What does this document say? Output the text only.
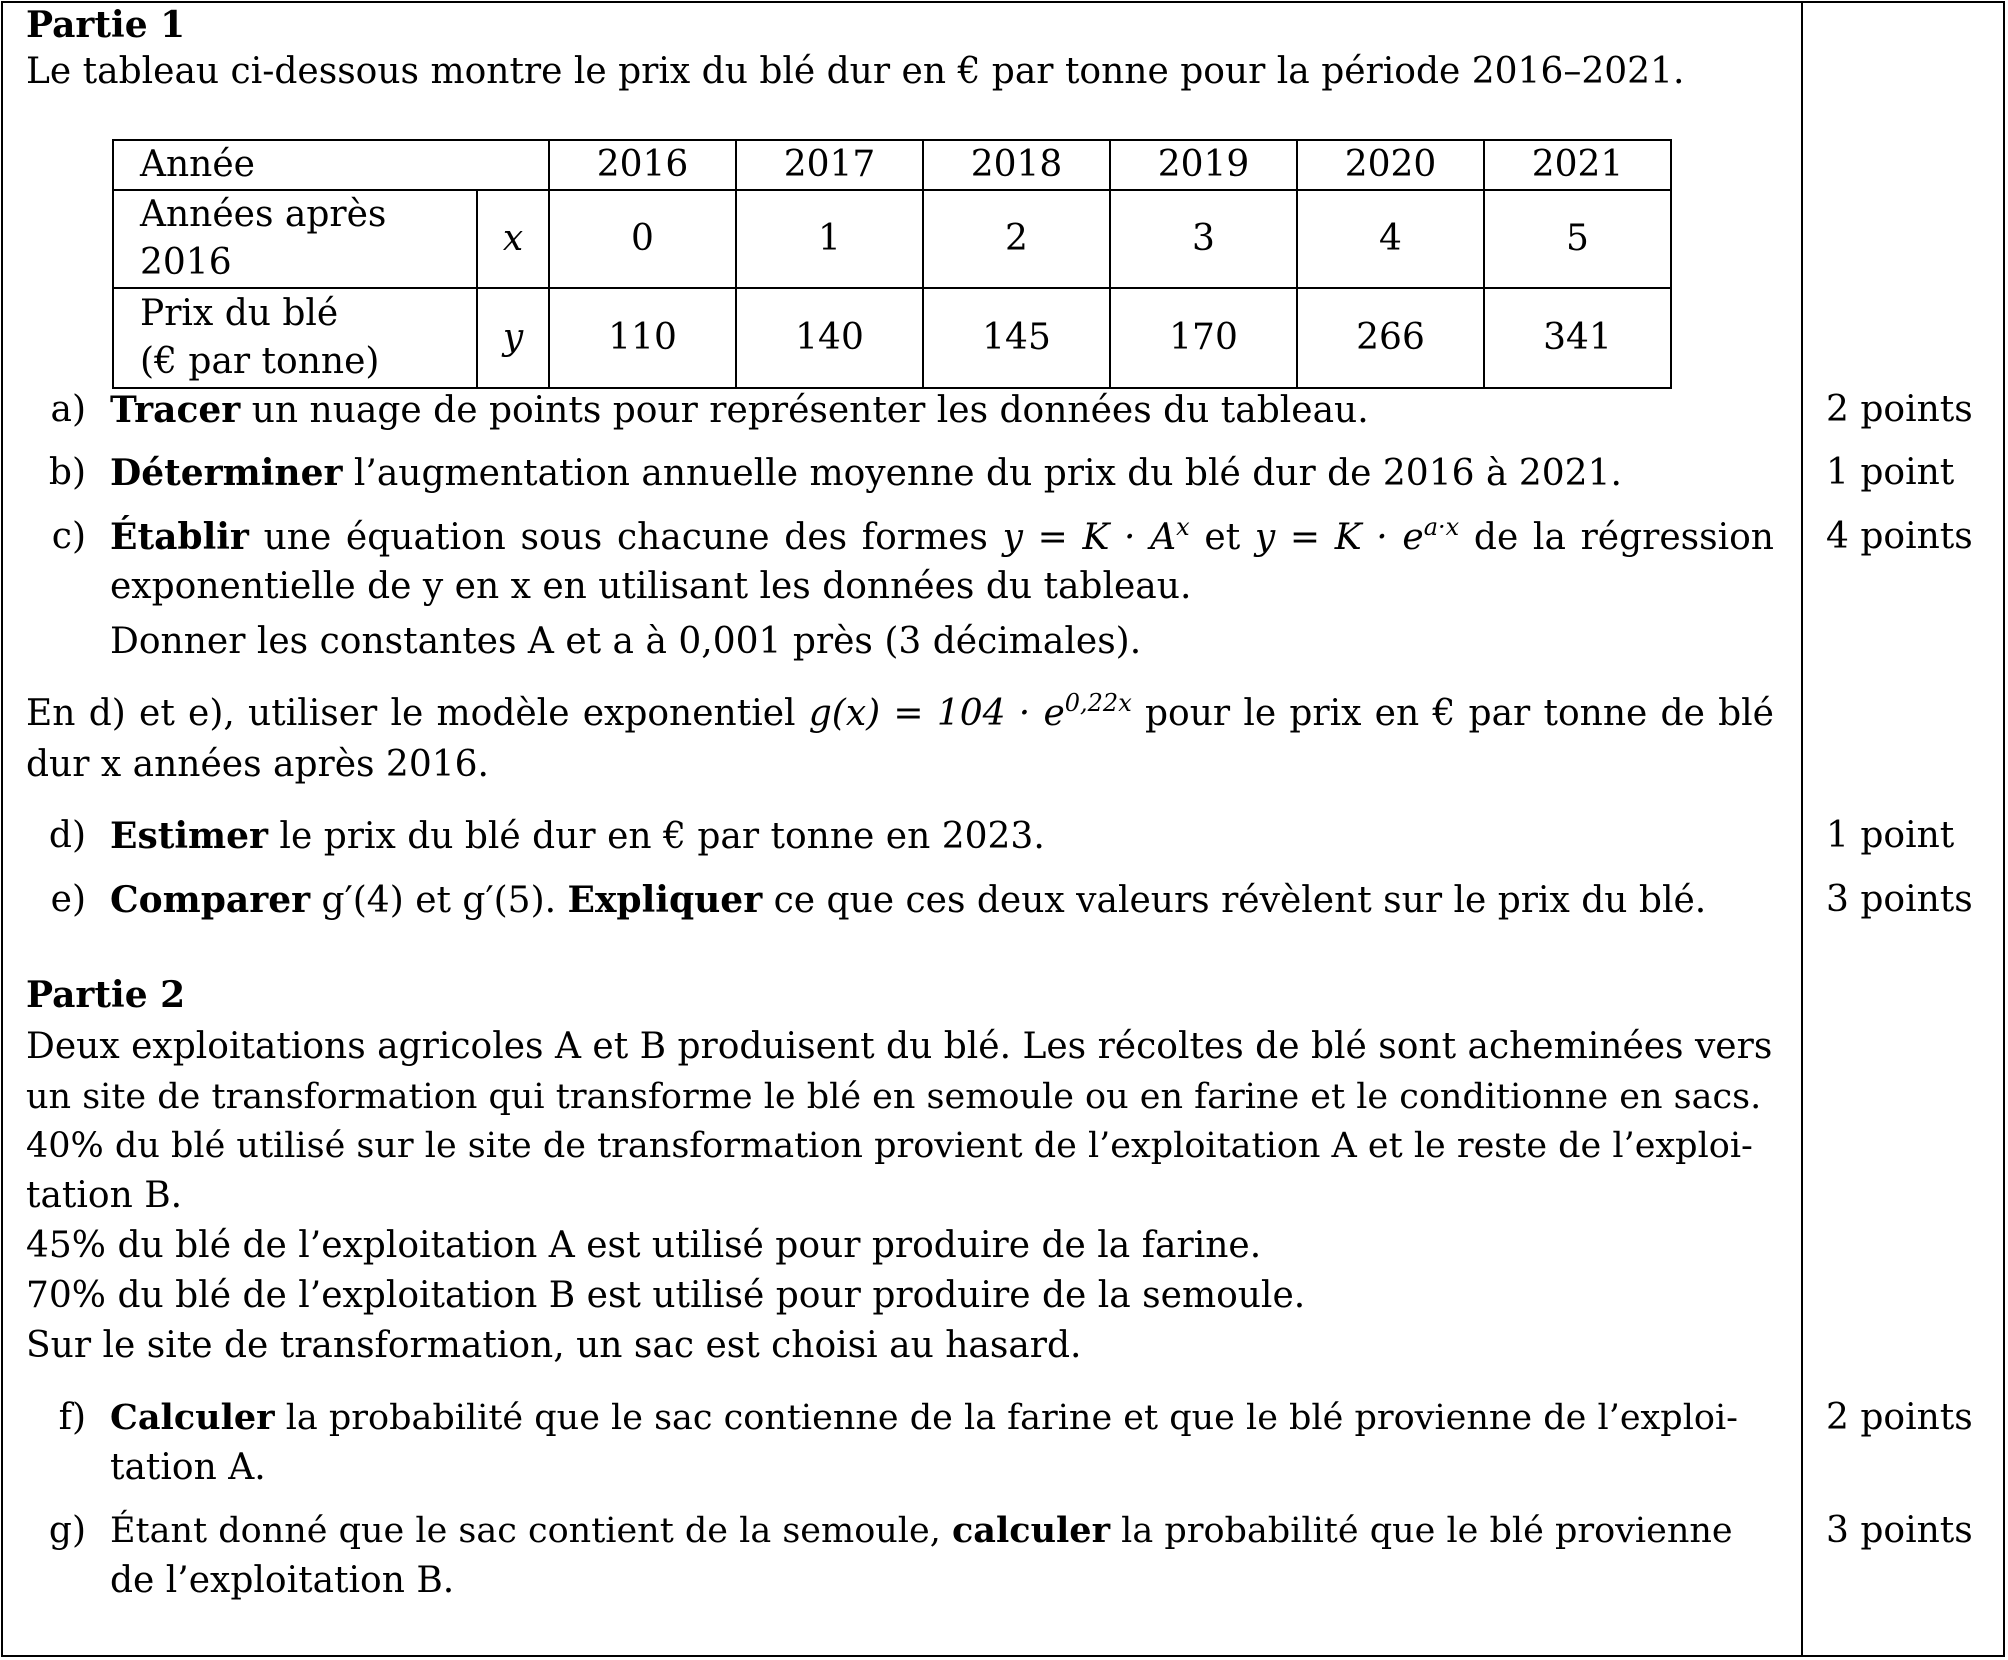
Partie 1
Le tableau ci-dessous montre le prix du blé dur en € par tonne pour la période 2016–2021.
Année		2016	2017	2018	2019	2020	2021
Années après 2016	x	0	1	2	3	4	5
Prix du blé
(€ par tonne)	y	110	140	145	170	266	341
a) Tracer un nuage de points pour représenter les données du tableau.	2 points
b) Déterminer l’augmentation annuelle moyenne du prix du blé dur de 2016 à 2021.	1 point
c) Établir une équation sous chacune des formes $y = K \cdot A^x$ et $y = K \cdot e^{a\cdot x}$ de la régression
exponentielle de y en x en utilisant les données du tableau.
Donner les constantes A et a à 0,001 près (3 décimales).
4 points
En d) et e), utiliser le modèle exponentiel $g(x) = 104 \cdot e^{0,22x}$ pour le prix en € par tonne de blé
dur x années après 2016.
d) Estimer le prix du blé dur en € par tonne en 2023.	1 point
e) Comparer g′(4) et g′(5). Expliquer ce que ces deux valeurs révèlent sur le prix du blé.	3 points
Partie 2
Deux exploitations agricoles A et B produisent du blé. Les récoltes de blé sont acheminées vers
un site de transformation qui transforme le blé en semoule ou en farine et le conditionne en sacs.
40% du blé utilisé sur le site de transformation provient de l’exploitation A et le reste de l’exploi-
tation B.
45% du blé de l’exploitation A est utilisé pour produire de la farine.
70% du blé de l’exploitation B est utilisé pour produire de la semoule.
Sur le site de transformation, un sac est choisi au hasard.
f) Calculer la probabilité que le sac contienne de la farine et que le blé provienne de l’exploi-
tation A.
2 points
g) Étant donné que le sac contient de la semoule, calculer la probabilité que le blé provienne
de l’exploitation B.
3 points
